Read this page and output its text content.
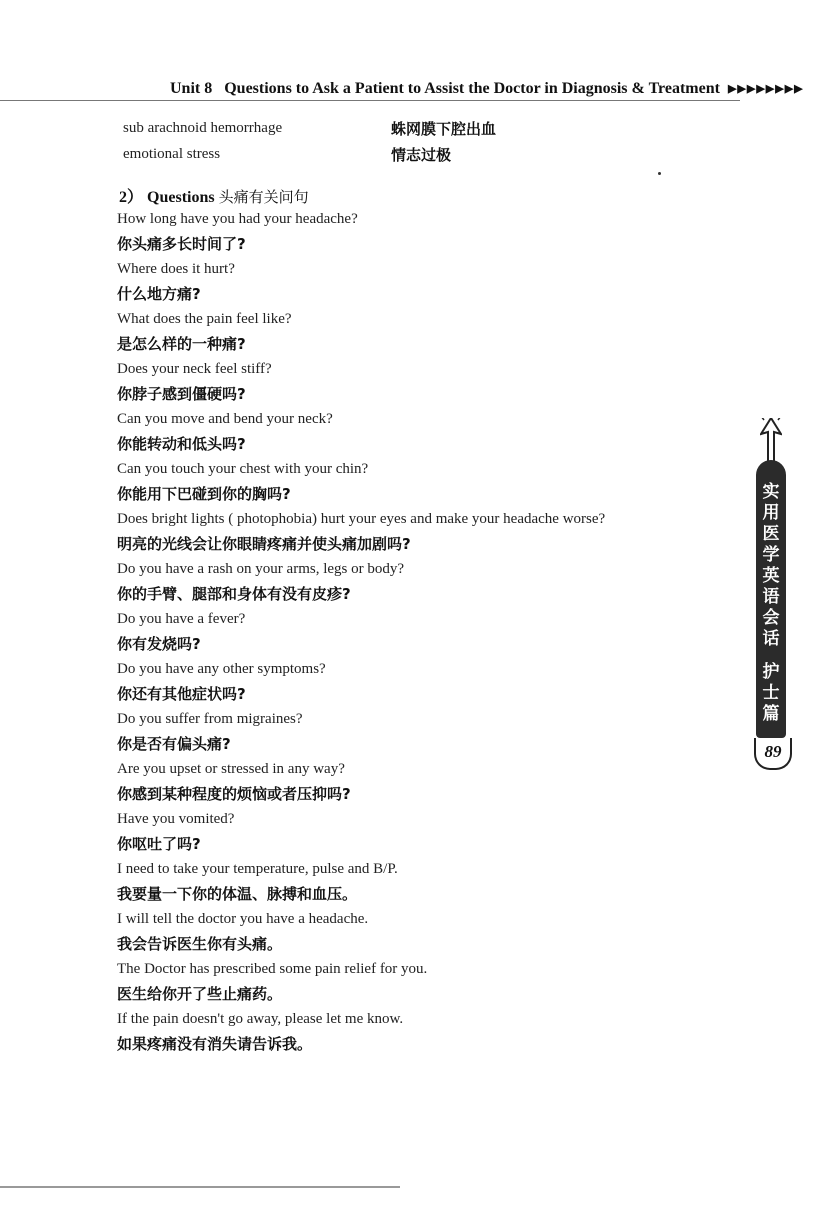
Unit 8 Questions to Ask a Patient to Assist the Doctor in Diagnosis & Treatment ▶▶▶▶▶▶▶▶
sub arachnoid hemorrhage	蛛网膜下腔出血
emotional stress	情志过极
2） Questions 头痛有关问句
How long have you had your headache?
你头痛多长时间了?
Where does it hurt?
什么地方痛?
What does the pain feel like?
是怎么样的一种痛?
Does your neck feel stiff?
你脖子感到僵硬吗?
Can you move and bend your neck?
你能转动和低头吗?
Can you touch your chest with your chin?
你能用下巴碰到你的胸吗?
Does bright lights ( photophobia) hurt your eyes and make your headache worse?
明亮的光线会让你眼睛疼痛并使头痛加剧吗?
Do you have a rash on your arms, legs or body?
你的手臂、腿部和身体有没有皮疹?
Do you have a fever?
你有发烧吗?
Do you have any other symptoms?
你还有其他症状吗?
Do you suffer from migraines?
你是否有偏头痛?
Are you upset or stressed in any way?
你感到某种程度的烦恼或者压抑吗?
Have you vomited?
你呕吐了吗?
I need to take your temperature, pulse and B/P.
我要量一下你的体温、脉搏和血压。
I will tell the doctor you have a headache.
我会告诉医生你有头痛。
The Doctor has prescribed some pain relief for you.
医生给你开了些止痛药。
If the pain doesn't go away, please let me know.
如果疼痛没有消失请告诉我。
实用医学英语会话
护士篇
89
